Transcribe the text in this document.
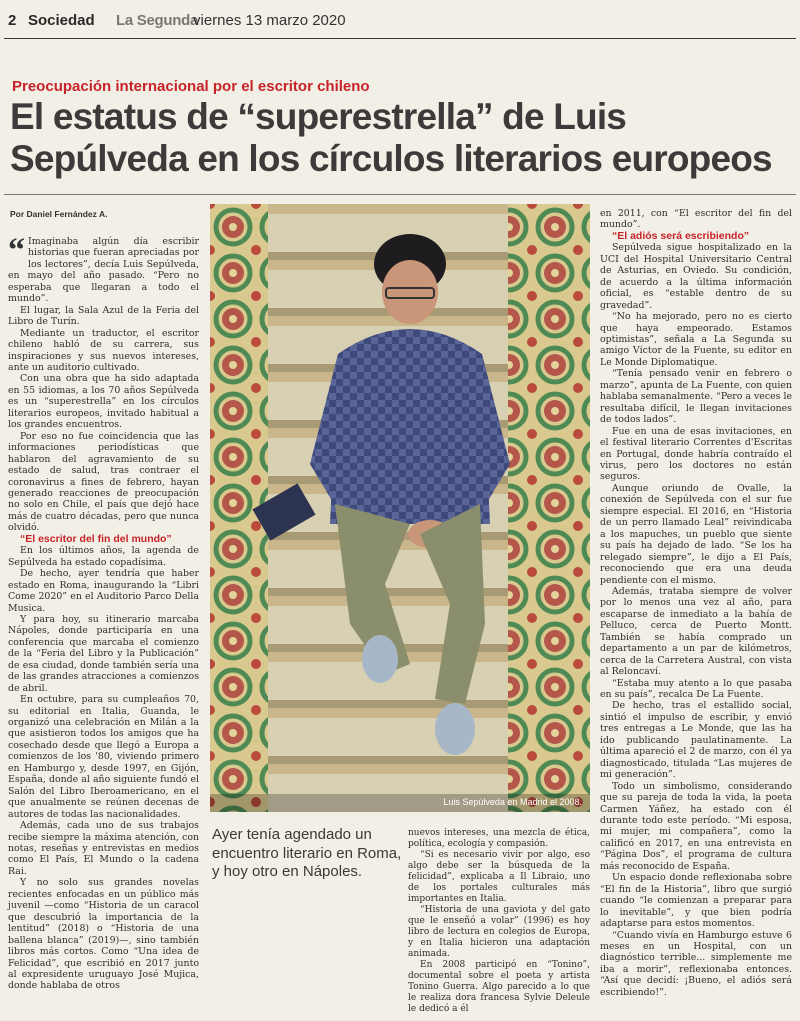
2 Sociedad La Segunda
viernes 13 marzo 2020
Preocupación internacional por el escritor chileno
El estatus de “superestrella” de Luis
Sepúlveda en los círculos literarios europeos
Por Daniel Fernández A.

“ Imaginaba algún día escribir historias que fueran apreciadas por los lectores”, decía Luis Sepúlveda, en mayo del año pasado. “Pero no esperaba que llegaran a todo el mundo”.

El lugar, la Sala Azul de la Feria del Libro de Turín.

Mediante un traductor, el escritor chileno habló de su carrera, sus inspiraciones y sus nuevos intereses, ante un auditorio cultivado.

Con una obra que ha sido adaptada en 55 idiomas, a los 70 años Sepúlveda es un “superestrella” en los círculos literarios europeos, invitado habitual a los grandes encuentros.

Por eso no fue coincidencia que las informaciones periodísticas que hablaron del agravamiento de su estado de salud, tras contraer el coronavirus a fines de febrero, hayan generado reacciones de preocupación no solo en Chile, el país que dejó hace más de cuatro décadas, pero que nunca olvidó.

“El escritor del fin del mundo”

En los últimos años, la agenda de Sepúlveda ha estado copadísima.

De hecho, ayer tendría que haber estado en Roma, inaugurando la “Libri Come 2020” en el Auditorio Parco Della Musica.

Y para hoy, su itinerario marcaba Nápoles, donde participaría en una conferencia que marcaba el comienzo de la “Feria del Libro y la Publicación” de esa ciudad, donde también sería una de las grandes atracciones a comienzos de abril.

En octubre, para su cumpleaños 70, su editorial en Italia, Guanda, le organizó una celebración en Milán a la que asistieron todos los amigos que ha cosechado desde que llegó a Europa a comienzos de los '80, viviendo primero en Hamburgo y, desde 1997, en Gijón, España, donde al año siguiente fundó el Salón del Libro Iberoamericano, en el que anualmente se reúnen decenas de autores de todas las nacionalidades.

Además, cada uno de sus trabajos recibe siempre la máxima atención, con notas, reseñas y entrevistas en medios como El País, El Mundo o la cadena Rai.

Y no solo sus grandes novelas recientes enfocadas en un público más juvenil —como “Historia de un caracol que descubrió la importancia de la lentitud” (2018) o “Historia de una ballena blanca” (2019)—, sino también libros más cortos. Como “Una idea de Felicidad”, que escribió en 2017 junto al expresidente uruguayo José Mujica, donde hablaba de otros

Luis Sepúlveda en Madrid el 2008.
Ayer tenía agendado un encuentro literario en Roma, y hoy otro en Nápoles.

nuevos intereses, una mezcla de ética, política, ecología y compasión.

“Si es necesario vivir por algo, eso algo debe ser la búsqueda de la felicidad”, explicaba a Il Libraio, uno de los portales culturales más importantes en Italia.

“Historia de una gaviota y del gato que le enseñó a volar” (1996) es hoy libro de lectura en colegios de Europa, y en Italia hicieron una adaptación animada.

En 2008 participó en “Tonino”, documental sobre el poeta y artista Tonino Guerra. Algo parecido a lo que le realiza dora francesa Sylvie Deleule le dedicó a él

en 2011, con “El escritor del fin del mundo”.

“El adiós será escribiendo”

Sepúlveda sigue hospitalizado en la UCI del Hospital Universitario Central de Asturias, en Oviedo. Su condición, de acuerdo a la última información oficial, es “estable dentro de su gravedad”.

“No ha mejorado, pero no es cierto que haya empeorado. Estamos optimistas”, señala a La Segunda su amigo Víctor de la Fuente, su editor en Le Monde Diplomatique.

“Tenía pensado venir en febrero o marzo”, apunta de La Fuente, con quien hablaba semanalmente. “Pero a veces le resultaba difícil, le llegan invitaciones de todos lados”.

Fue en una de esas invitaciones, en el festival literario Correntes d'Escritas en Portugal, donde habría contraído el virus, pero los doctores no están seguros.

Aunque oriundo de Ovalle, la conexión de Sepúlveda con el sur fue siempre especial. El 2016, en “Historia de un perro llamado Leal” reivindicaba a los mapuches, un pueblo que siente su país ha dejado de lado. “Se los ha relegado siempre”, le dijo a El País, reconociendo que era una deuda pendiente con el mismo.

Además, trataba siempre de volver por lo menos una vez al año, para escaparse de inmediato a la bahía de Pelluco, cerca de Puerto Montt. También se había comprado un departamento a un par de kilómetros, cerca de la Carretera Austral, con vista al Reloncaví.

“Estaba muy atento a lo que pasaba en su país”, recalca De La Fuente.

De hecho, tras el estallido social, sintió el impulso de escribir, y envió tres entregas a Le Monde, que las ha ido publicando paulatinamente. La última apareció el 2 de marzo, con él ya diagnosticado, titulada “Las mujeres de mi generación”.

Todo un simbolismo, considerando que su pareja de toda la vida, la poeta Carmen Yáñez, ha estado con él durante todo este período. “Mi esposa, mi mujer, mi compañera”, como la calificó en 2017, en una entrevista en “Página Dos”, el programa de cultura más reconocido de España.

Un espacio donde reflexionaba sobre “El fin de la Historia”, libro que surgió cuando “le comienzan a preparar para lo inevitable”, y que bien podría adaptarse para estos momentos.

“Cuando vivía en Hamburgo estuve 6 meses en un Hospital, con un diagnóstico terrible... simplemente me iba a morir”, reflexionaba entonces. “Así que decidí: ¡Bueno, el adiós será escribiendo!”.
